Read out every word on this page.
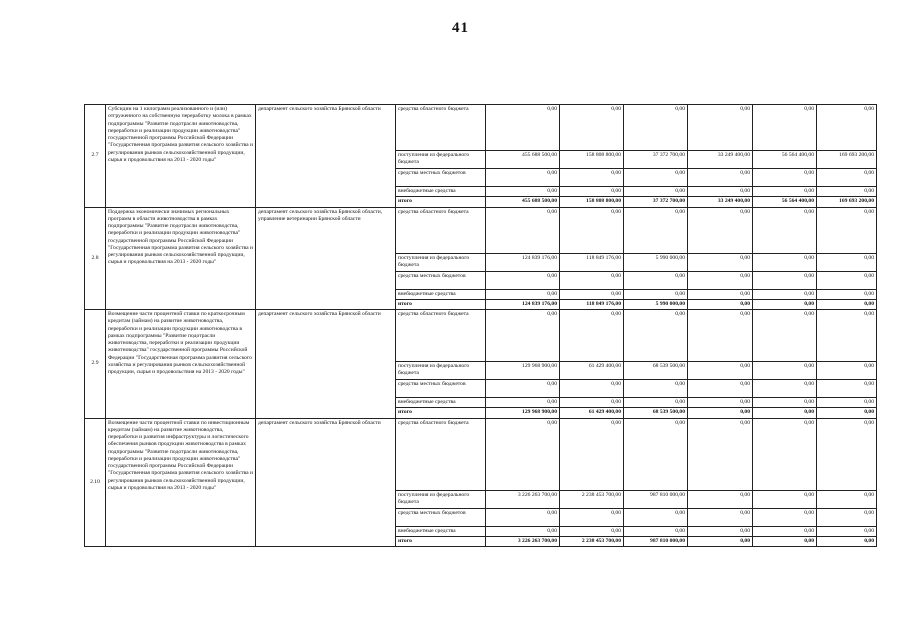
41
2.7	Субсидии на 1 килограмм реализованного и (или) отгруженного на собственную переработку молока в рамках подпрограммы "Развитие подотрасли животноводства, переработки и реализации продукции животноводства" государственной программы Российской Федерации "Государственная программа развития сельского хозяйства и регулирования рынков сельскохозяйственной продукции, сырья и продовольствия на 2013 - 2020 годы"	департамент сельского хозяйства Брянской области	средства областного бюджета	0,00	0,00	0,00	0,00	0,00	0,00
			поступления из федерального бюджета	455 688 500,00	158 808 800,00	37 372 700,00	33 249 400,00	56 564 400,00	169 693 200,00
			средства местных бюджетов	0,00	0,00	0,00	0,00	0,00	0,00
			внебюджетные средства	0,00	0,00	0,00	0,00	0,00	0,00
			итого	455 688 500,00	158 808 800,00	37 372 700,00	33 249 400,00	56 564 400,00	169 693 200,00
2.8	Поддержка экономически значимых региональных программ в области животноводства в рамках подпрограммы "Развитие подотрасли животноводства, переработки и реализации продукции животноводства" государственной программы Российской Федерации "Государственная программа развития сельского хозяйства и регулирования рынков сельскохозяйственной продукции, сырья и продовольствия на 2013 - 2020 годы"	департамент сельского хозяйства Брянской области, управление ветеринарии Брянской области	средства областного бюджета	0,00	0,00	0,00	0,00	0,00	0,00
			поступления из федерального бюджета	124 839 176,00	118 849 176,00	5 990 000,00	0,00	0,00	0,00
			средства местных бюджетов	0,00	0,00	0,00	0,00	0,00	0,00
			внебюджетные средства	0,00	0,00	0,00	0,00	0,00	0,00
			итого	124 839 176,00	118 849 176,00	5 990 000,00	0,00	0,00	0,00
2.9	Возмещение части процентной ставки по краткосрочным кредитам (займам) на развитие животноводства, переработки и реализации продукции животноводства в рамках подпрограммы "Развитие подотрасли животноводства, переработки и реализации продукции животноводства" государственной программы Российской Федерации "Государственная программа развития сельского хозяйства и регулирования рынков сельскохозяйственной продукции, сырья и продовольствия на 2013 - 2020 годы"	департамент сельского хозяйства Брянской области	средства областного бюджета	0,00	0,00	0,00	0,00	0,00	0,00
			поступления из федерального бюджета	129 968 900,00	61 429 400,00	68 539 500,00	0,00	0,00	0,00
			средства местных бюджетов	0,00	0,00	0,00	0,00	0,00	0,00
			внебюджетные средства	0,00	0,00	0,00	0,00	0,00	0,00
			итого	129 968 900,00	61 429 400,00	68 539 500,00	0,00	0,00	0,00
2.10	Возмещение части процентной ставки по инвестиционным кредитам (займам) на развитие животноводства, переработки и развития инфраструктуры и логистического обеспечения рынков продукции животноводства в рамках подпрограммы "Развитие подотрасли животноводства, переработки и реализации продукции животноводства" государственной программы Российской Федерации "Государственная программа развития сельского хозяйства и регулирования рынков сельскохозяйственной продукции, сырья и продовольствия на 2013 - 2020 годы"	департамент сельского хозяйства Брянской области	средства областного бюджета	0,00	0,00	0,00	0,00	0,00	0,00
			поступления из федерального бюджета	3 226 263 700,00	2 238 453 700,00	987 810 000,00	0,00	0,00	0,00
			средства местных бюджетов	0,00	0,00	0,00	0,00	0,00	0,00
			внебюджетные средства	0,00	0,00	0,00	0,00	0,00	0,00
			итого	3 226 263 700,00	2 238 453 700,00	987 810 000,00	0,00	0,00	0,00
